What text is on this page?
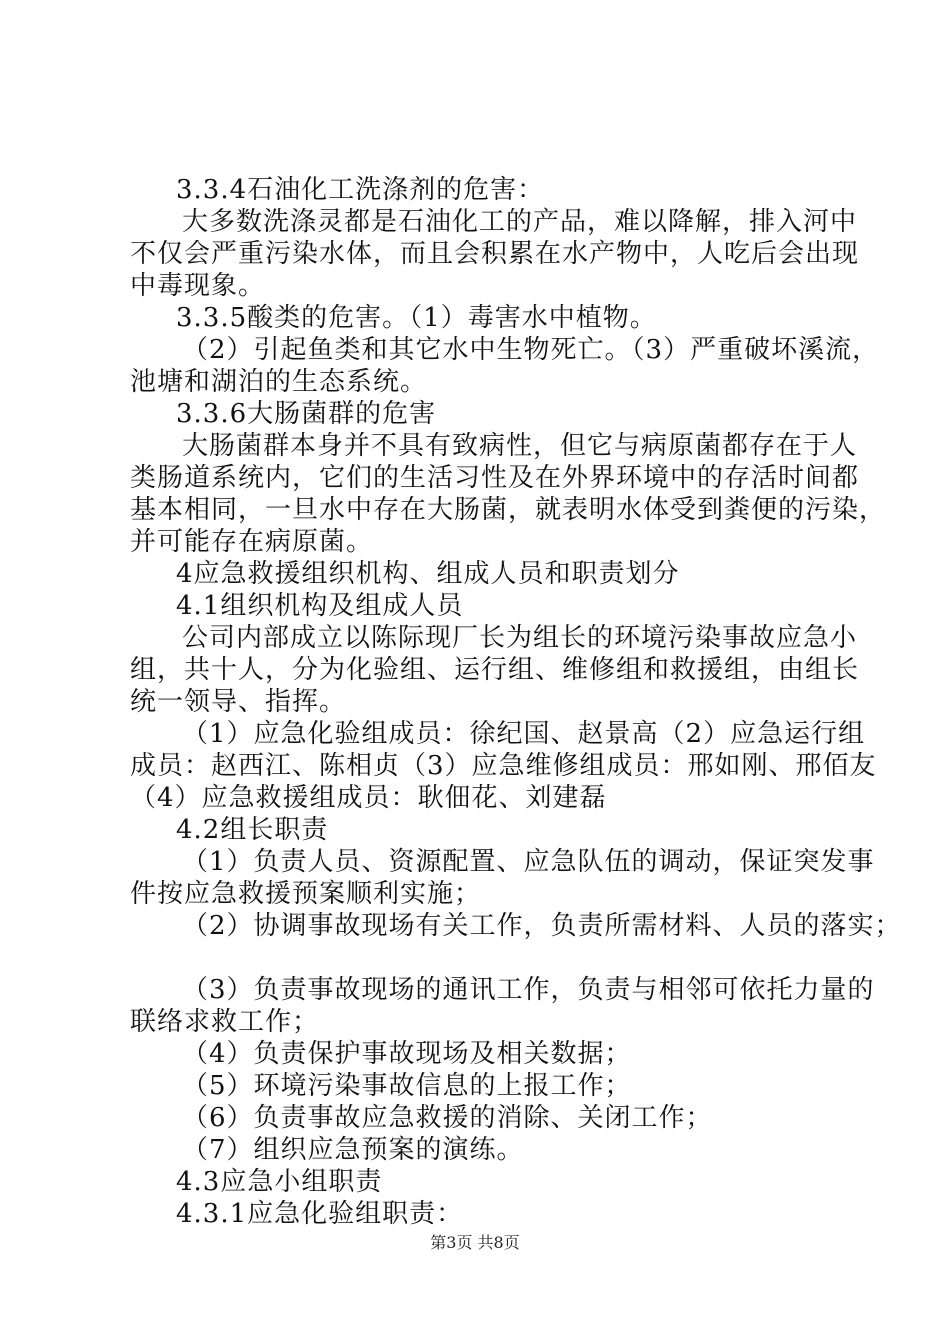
3.3.4石油化工洗涤剂的危害：
大多数洗涤灵都是石油化工的产品，难以降解，排入河中
不仅会严重污染水体，而且会积累在水产物中，人吃后会出现
中毒现象。
3.3.5酸类的危害。（1）毒害水中植物。
（2）引起鱼类和其它水中生物死亡。（3）严重破坏溪流，
池塘和湖泊的生态系统。
3.3.6大肠菌群的危害
大肠菌群本身并不具有致病性，但它与病原菌都存在于人
类肠道系统内，它们的生活习性及在外界环境中的存活时间都
基本相同，一旦水中存在大肠菌，就表明水体受到粪便的污染，
并可能存在病原菌。
4应急救援组织机构、组成人员和职责划分
4.1组织机构及组成人员
公司内部成立以陈际现厂长为组长的环境污染事故应急小
组，共十人，分为化验组、运行组、维修组和救援组，由组长
统一领导、指挥。
（1）应急化验组成员：徐纪国、赵景高（2）应急运行组
成员：赵西江、陈相贞（3）应急维修组成员：邢如刚、邢佰友
（4）应急救援组成员：耿佃花、刘建磊
4.2组长职责
（1）负责人员、资源配置、应急队伍的调动，保证突发事
件按应急救援预案顺利实施；
（2）协调事故现场有关工作，负责所需材料、人员的落实；
（3）负责事故现场的通讯工作，负责与相邻可依托力量的
联络求救工作；
（4）负责保护事故现场及相关数据；
（5）环境污染事故信息的上报工作；
（6）负责事故应急救援的消除、关闭工作；
（7）组织应急预案的演练。
4.3应急小组职责
4.3.1应急化验组职责：
第3页 共8页
